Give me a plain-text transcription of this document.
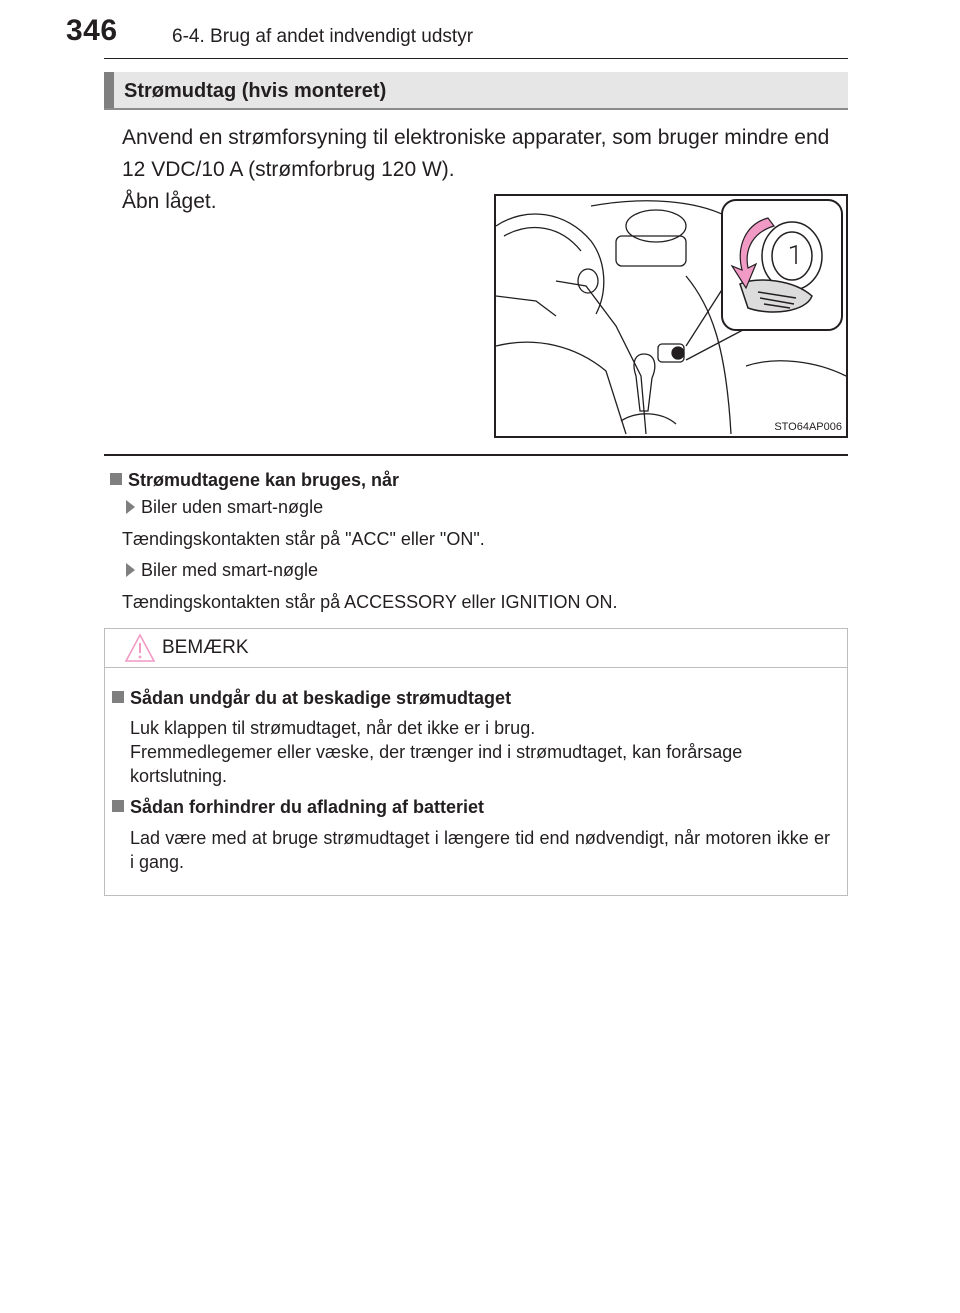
346	6-4. Brug af andet indvendigt udstyr
Strømudtag (hvis monteret)
Anvend en strømforsyning til elektroniske apparater, som bruger mindre end 12 VDC/10 A (strømforbrug 120 W).
Åbn låget.
STO64AP006
Strømudtagene kan bruges, når
Biler uden smart-nøgle
Tændingskontakten står på "ACC" eller "ON".
Biler med smart-nøgle
Tændingskontakten står på ACCESSORY eller IGNITION ON.
BEMÆRK
Sådan undgår du at beskadige strømudtaget
Luk klappen til strømudtaget, når det ikke er i brug.
Fremmedlegemer eller væske, der trænger ind i strømudtaget, kan forårsage kortslutning.
Sådan forhindrer du afladning af batteriet
Lad være med at bruge strømudtaget i længere tid end nødvendigt, når motoren ikke er i gang.
